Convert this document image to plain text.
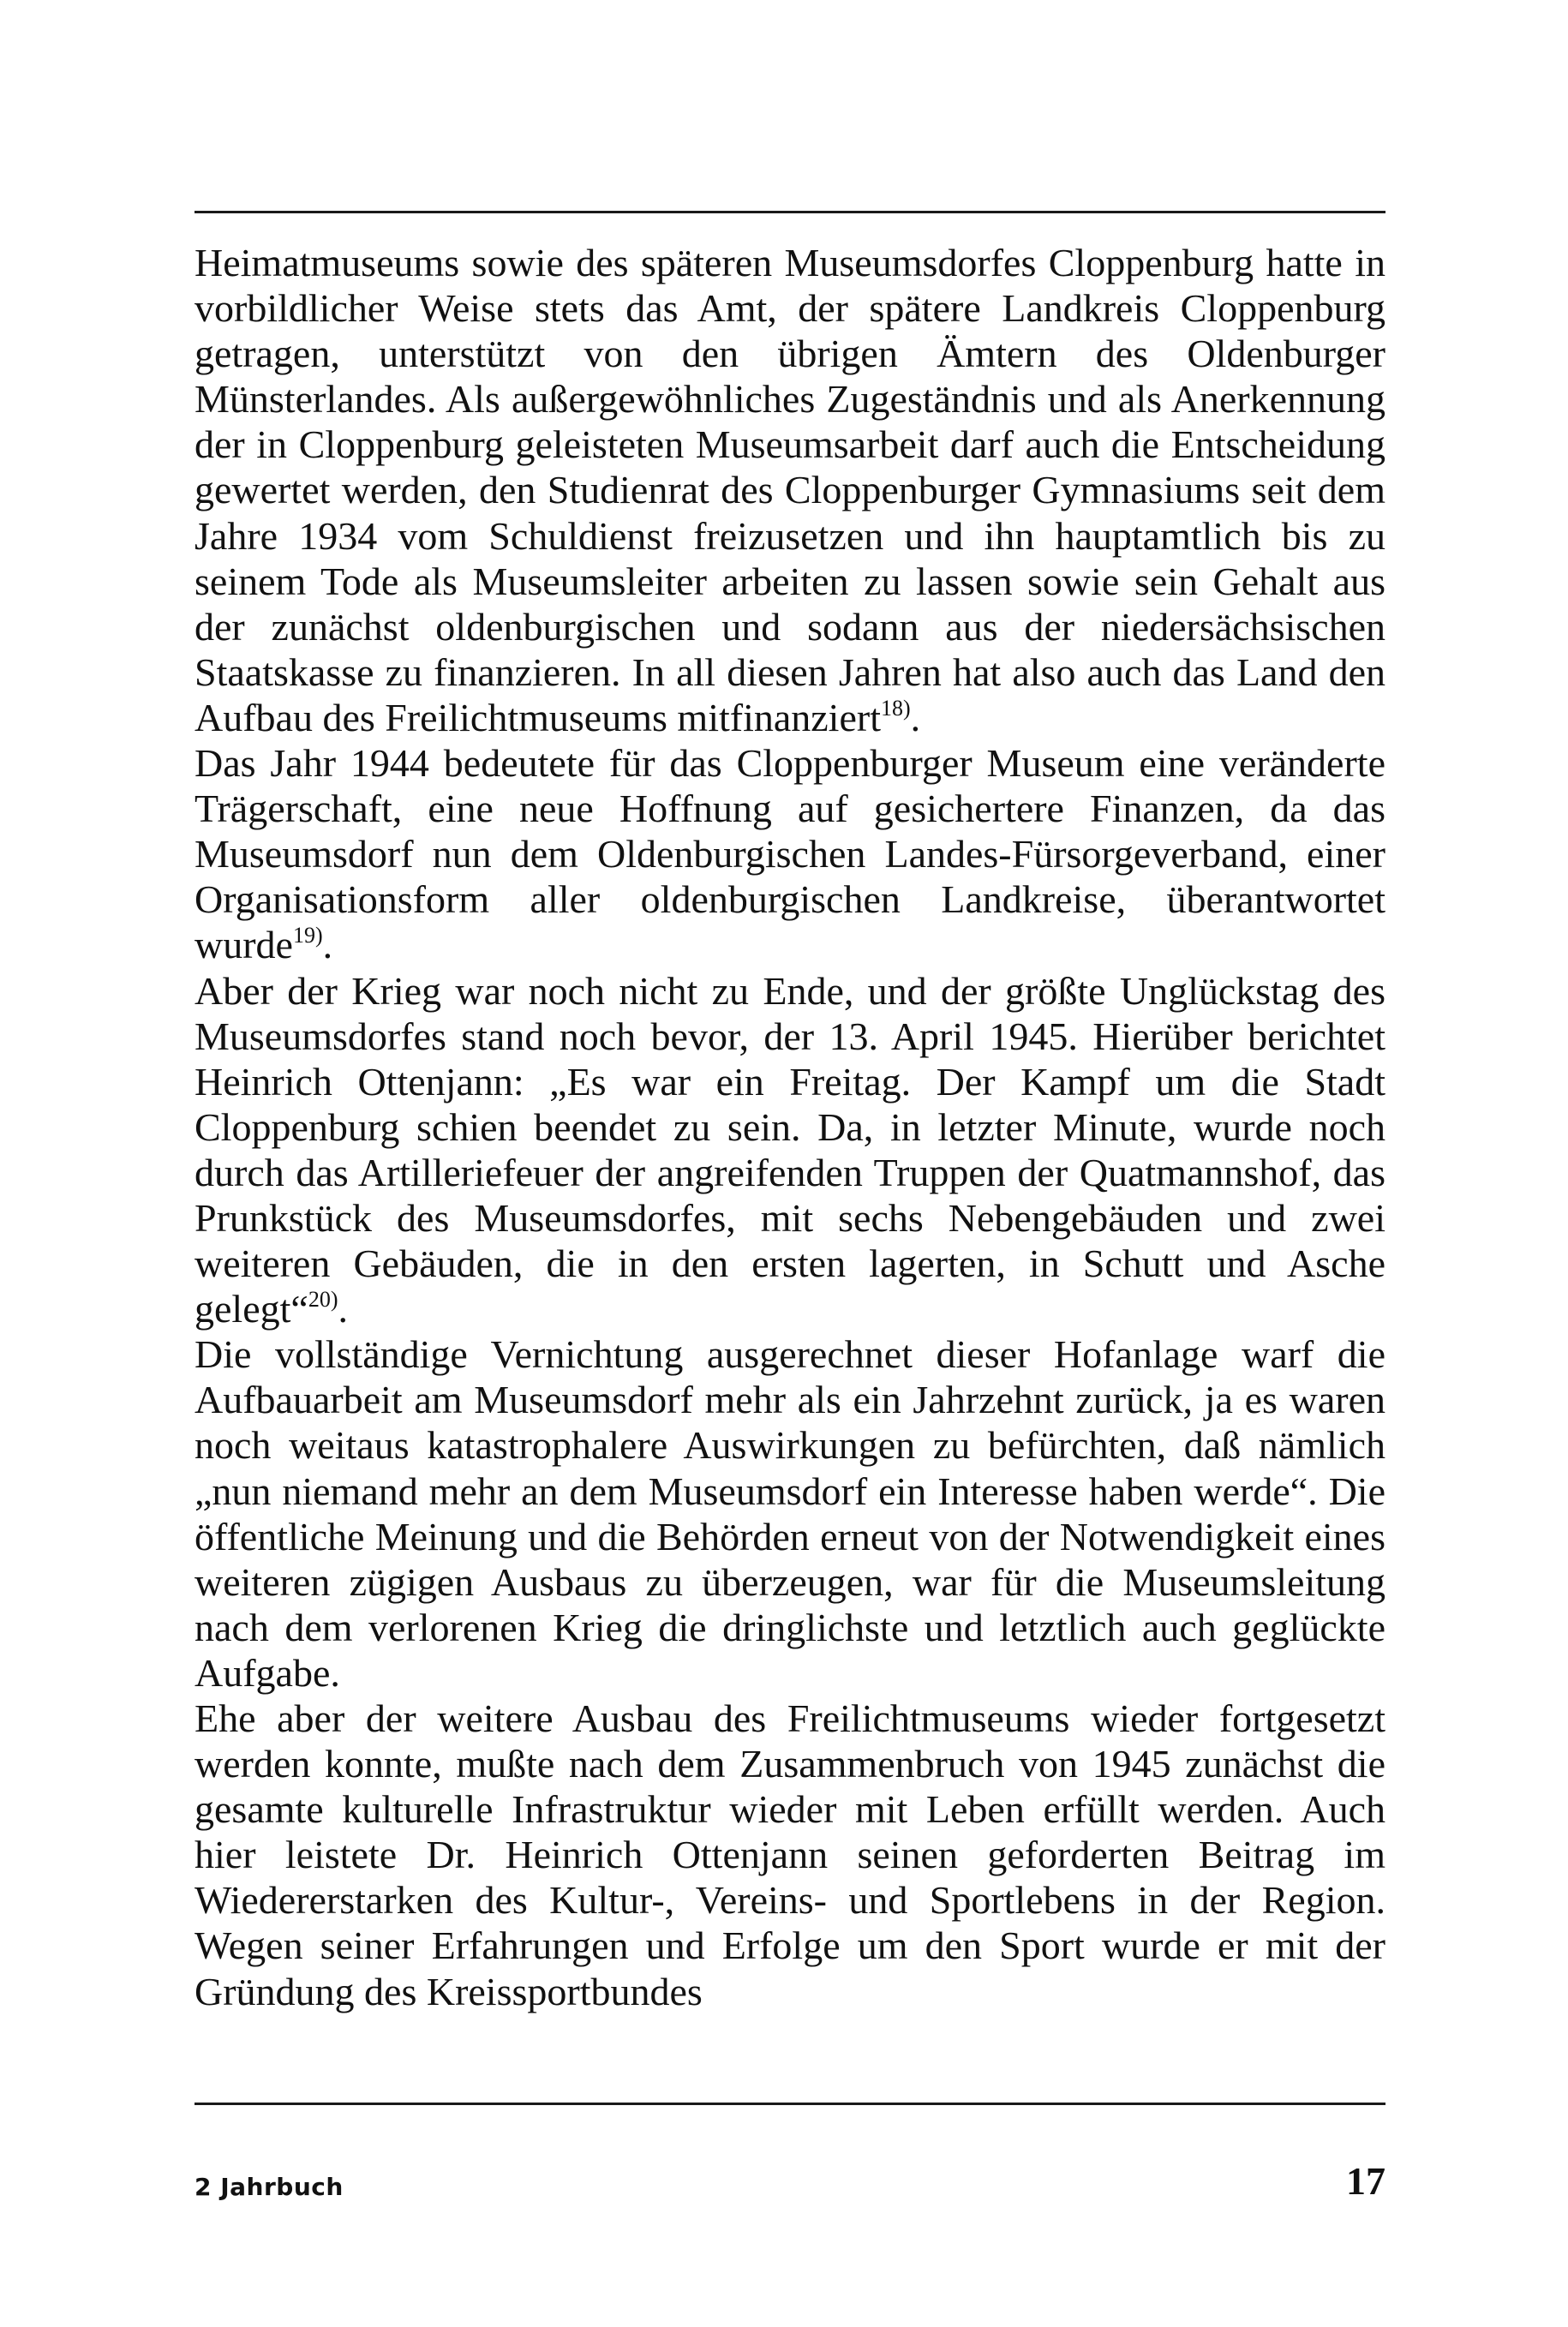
Heimatmuseums sowie des späteren Museumsdorfes Cloppenburg hatte in vorbildlicher Weise stets das Amt, der spätere Landkreis Cloppenburg getragen, unterstützt von den übrigen Ämtern des Oldenburger Münsterlandes. Als außergewöhnliches Zugeständnis und als Anerkennung der in Cloppenburg geleisteten Museumsarbeit darf auch die Entscheidung gewertet werden, den Studienrat des Cloppenburger Gymnasiums seit dem Jahre 1934 vom Schuldienst freizusetzen und ihn hauptamtlich bis zu seinem Tode als Museumsleiter arbeiten zu lassen sowie sein Gehalt aus der zunächst oldenburgischen und sodann aus der niedersächsischen Staatskasse zu finanzieren. In all diesen Jahren hat also auch das Land den Aufbau des Freilichtmuseums mitfinanziert$^{18)}$.

Das Jahr 1944 bedeutete für das Cloppenburger Museum eine veränderte Trägerschaft, eine neue Hoffnung auf gesichertere Finanzen, da das Museumsdorf nun dem Oldenburgischen Landes-Fürsorgeverband, einer Organisationsform aller oldenburgischen Landkreise, überantwortet wurde$^{19)}$.

Aber der Krieg war noch nicht zu Ende, und der größte Unglückstag des Museumsdorfes stand noch bevor, der 13. April 1945. Hierüber berichtet Heinrich Ottenjann: „Es war ein Freitag. Der Kampf um die Stadt Cloppenburg schien beendet zu sein. Da, in letzter Minute, wurde noch durch das Artilleriefeuer der angreifenden Truppen der Quatmannshof, das Prunkstück des Museumsdorfes, mit sechs Nebengebäuden und zwei weiteren Gebäuden, die in den ersten lagerten, in Schutt und Asche gelegt“$^{20)}$.

Die vollständige Vernichtung ausgerechnet dieser Hofanlage warf die Aufbauarbeit am Museumsdorf mehr als ein Jahrzehnt zurück, ja es waren noch weitaus katastrophalere Auswirkungen zu befürchten, daß nämlich „nun niemand mehr an dem Museumsdorf ein Interesse haben werde“. Die öffentliche Meinung und die Behörden erneut von der Notwendigkeit eines weiteren zügigen Ausbaus zu überzeugen, war für die Museumsleitung nach dem verlorenen Krieg die dringlichste und letztlich auch geglückte Aufgabe.

Ehe aber der weitere Ausbau des Freilichtmuseums wieder fortgesetzt werden konnte, mußte nach dem Zusammenbruch von 1945 zunächst die gesamte kulturelle Infrastruktur wieder mit Leben erfüllt werden. Auch hier leistete Dr. Heinrich Ottenjann seinen geforderten Beitrag im Wiedererstarken des Kultur-, Vereins- und Sportlebens in der Region. Wegen seiner Erfahrungen und Erfolge um den Sport wurde er mit der Gründung des Kreissportbundes

2 Jahrbuch	17
